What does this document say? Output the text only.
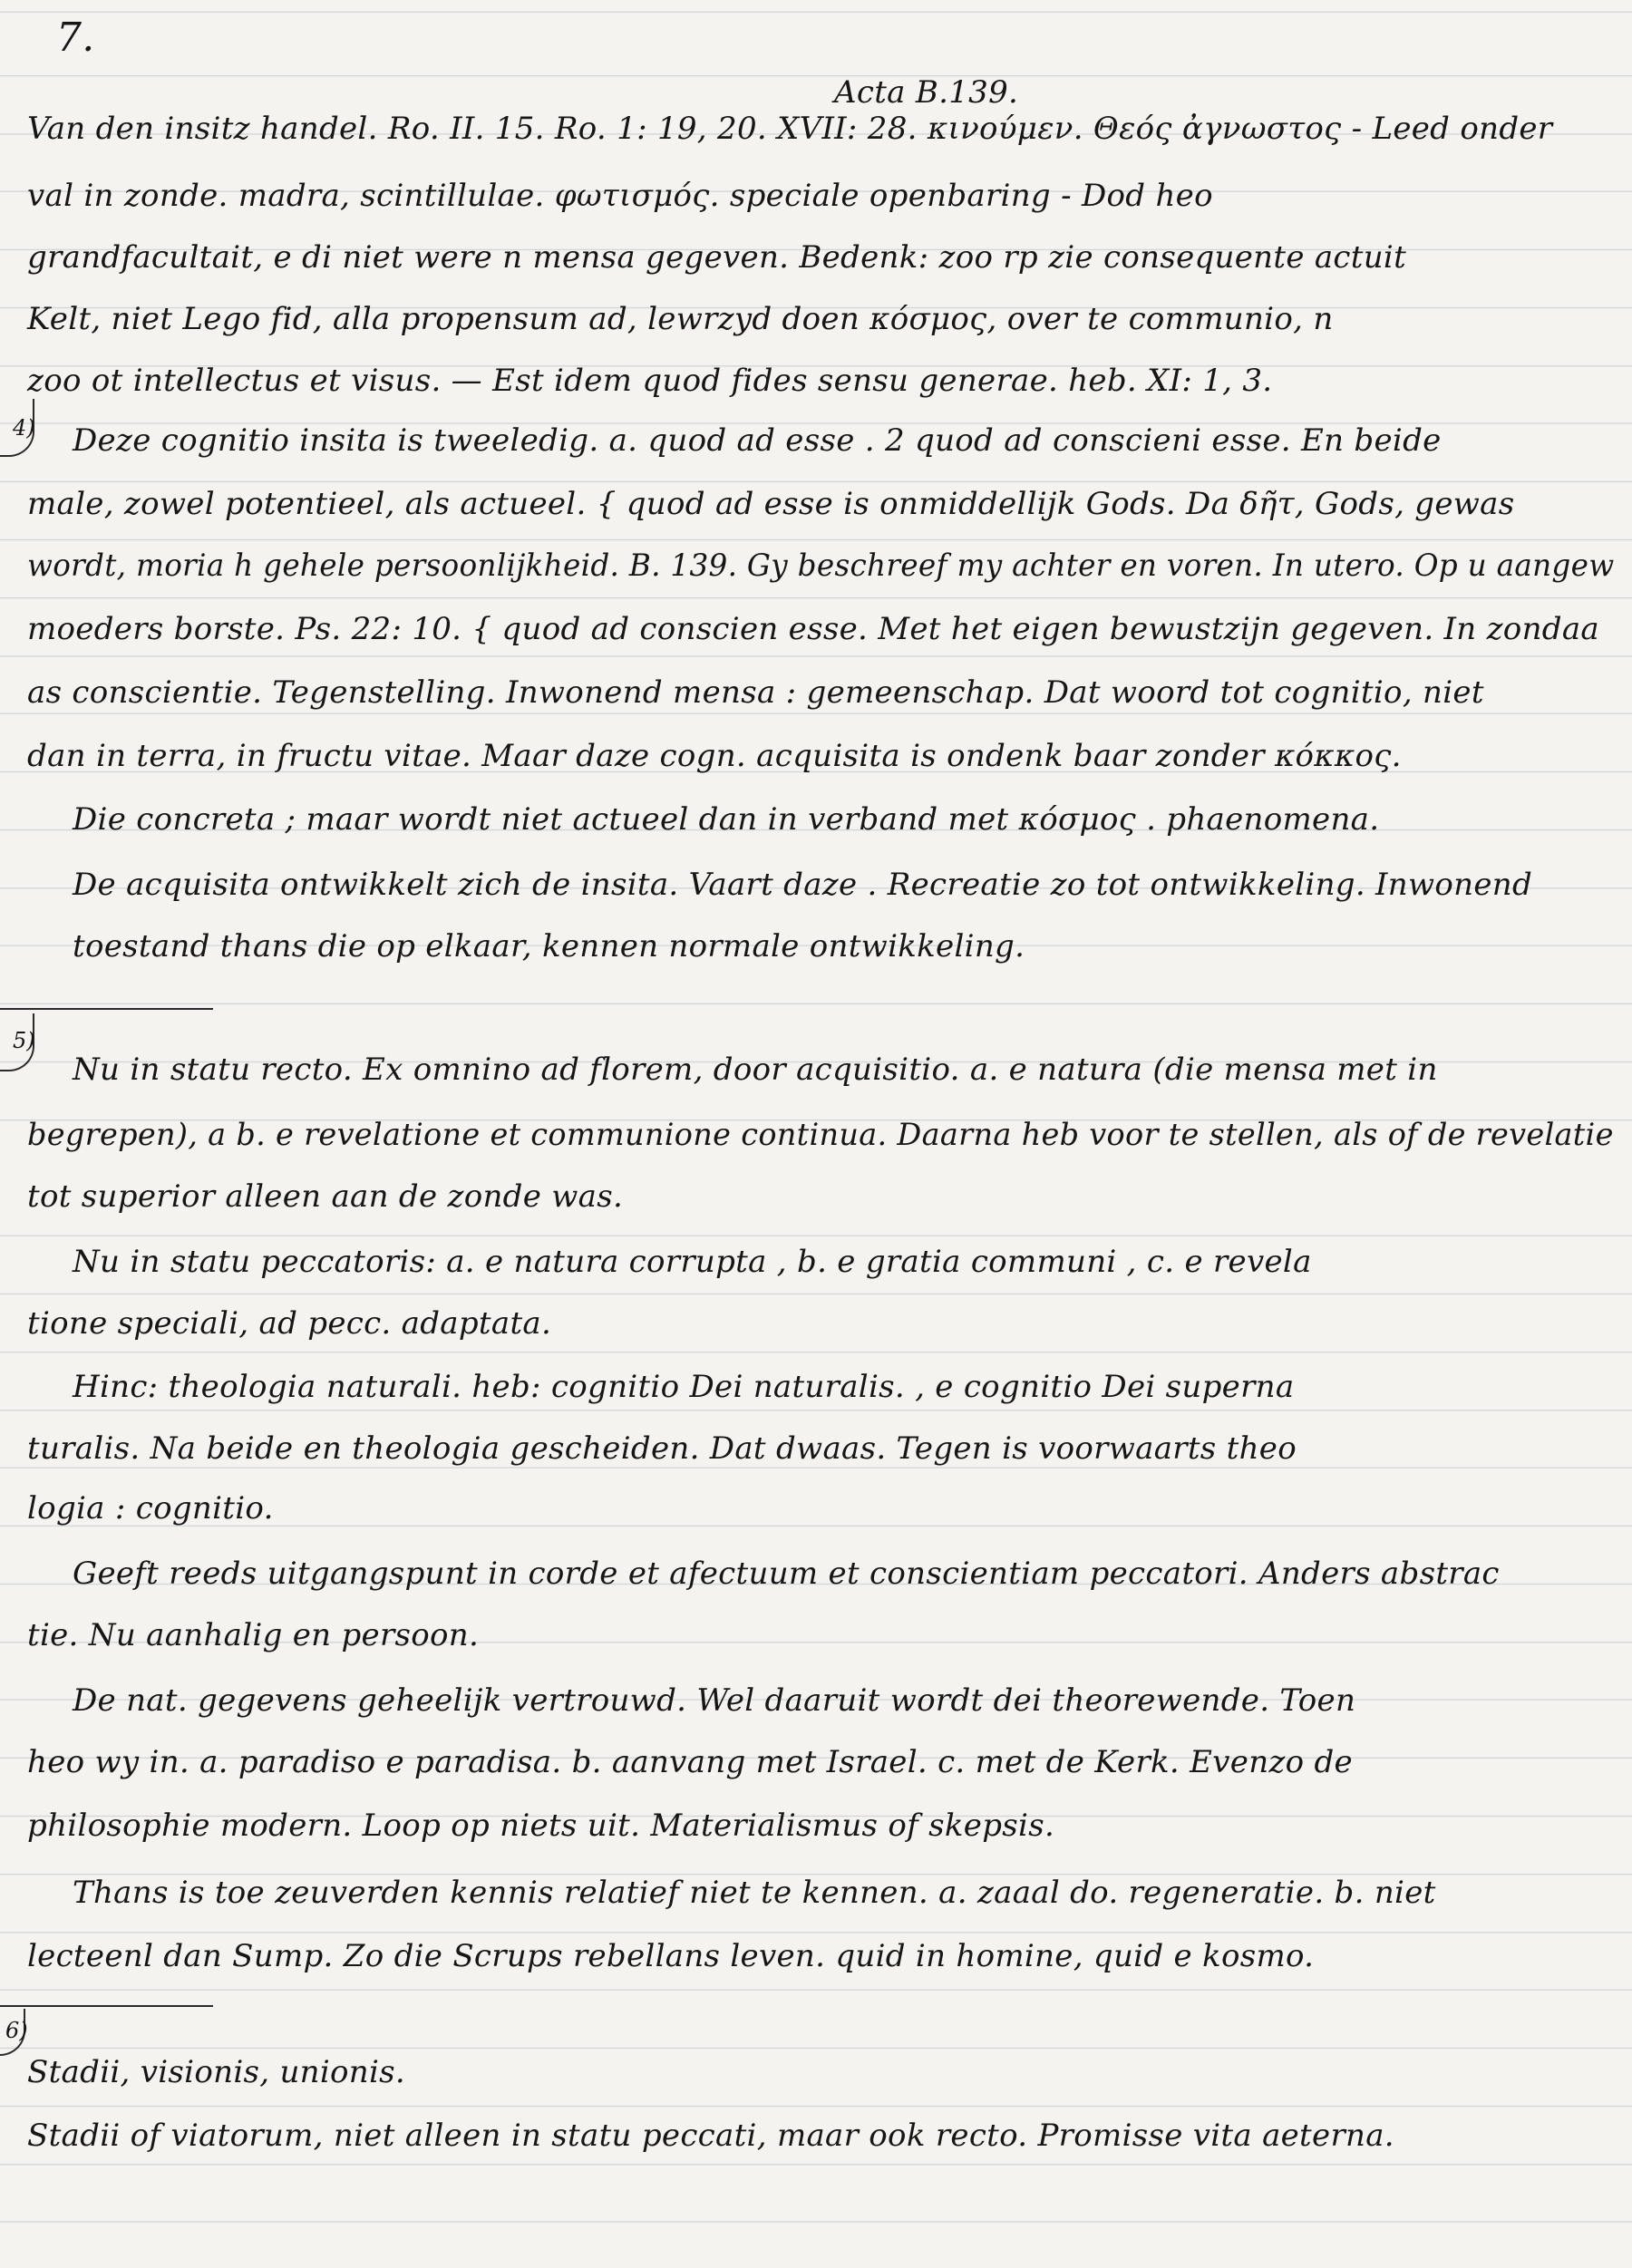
7.
Acta B.139.
Van den insitz handel. Ro. II. 15. Ro. 1: 19, 20. XVII: 28. κινούμεν. Θεός ἀγνωστος - Leed onder
val in zonde. madra, scintillulae. φωτισμός. speciale openbaring - Dod heo
grandfacultait, e di niet were n mensa gegeven. Bedenk: zoo rp zie consequente actuit
Kelt, niet Lego fid, alla propensum ad, lewrzyd doen κόσμος, over te communio, n
zoo ot intellectus et visus. — Est idem quod fides sensu generae. heb. XI: 1, 3.
4) Deze cognitio insita is tweeledig. a. quod ad esse . 2 quod ad conscieni esse. En beide
male, zowel potentieel, als actueel. { quod ad esse is onmiddellijk Gods. Da δῆτ, Gods, gewas
wordt, moria h gehele persoonlijkheid. B. 139. Gy beschreef my achter en voren. In utero. Op u aangew
moeders borste. Ps. 22: 10. { quod ad conscien esse. Met het eigen bewustzijn gegeven. In zondaa
as conscientie. Tegenstelling. Inwonend mensa : gemeenschap. Dat woord tot cognitio, niet
dan in terra, in fructu vitae. Maar daze cogn. acquisita is ondenk baar zonder κόκκος.
Die concreta ; maar wordt niet actueel dan in verband met κόσμος . phaenomena.
De acquisita ontwikkelt zich de insita. Vaart daze . Recreatie zo tot ontwikkeling. Inwonend
toestand thans die op elkaar, kennen normale ontwikkeling.
5)
Nu in statu recto. Ex omnino ad florem, door acquisitio. a. e natura (die mensa met in
begrepen), a b. e revelatione et communione continua. Daarna heb voor te stellen, als of de revelatie
tot superior alleen aan de zonde was.
Nu in statu peccatoris: a. e natura corrupta , b. e gratia communi , c. e revela
tione speciali, ad pecc. adaptata.
Hinc: theologia naturali. heb: cognitio Dei naturalis. , e cognitio Dei superna
turalis. Na beide en theologia gescheiden. Dat dwaas. Tegen is voorwaarts theo
logia : cognitio.
Geeft reeds uitgangspunt in corde et afectuum et conscientiam peccatori. Anders abstrac
tie. Nu aanhalig en persoon.
De nat. gegevens geheelijk vertrouwd. Wel daaruit wordt dei theorewende. Toen
heo wy in. a. paradiso e paradisa. b. aanvang met Israel. c. met de Kerk. Evenzo de
philosophie modern. Loop op niets uit. Materialismus of skepsis.
Thans is toe zeuverden kennis relatief niet te kennen. a. zaaal do. regeneratie. b. niet
lecteenl dan Sump. Zo die Scrups rebellans leven. quid in homine, quid e kosmo.
6)
Stadii, visionis, unionis.
Stadii of viatorum, niet alleen in statu peccati, maar ook recto. Promisse vita aeterna.
